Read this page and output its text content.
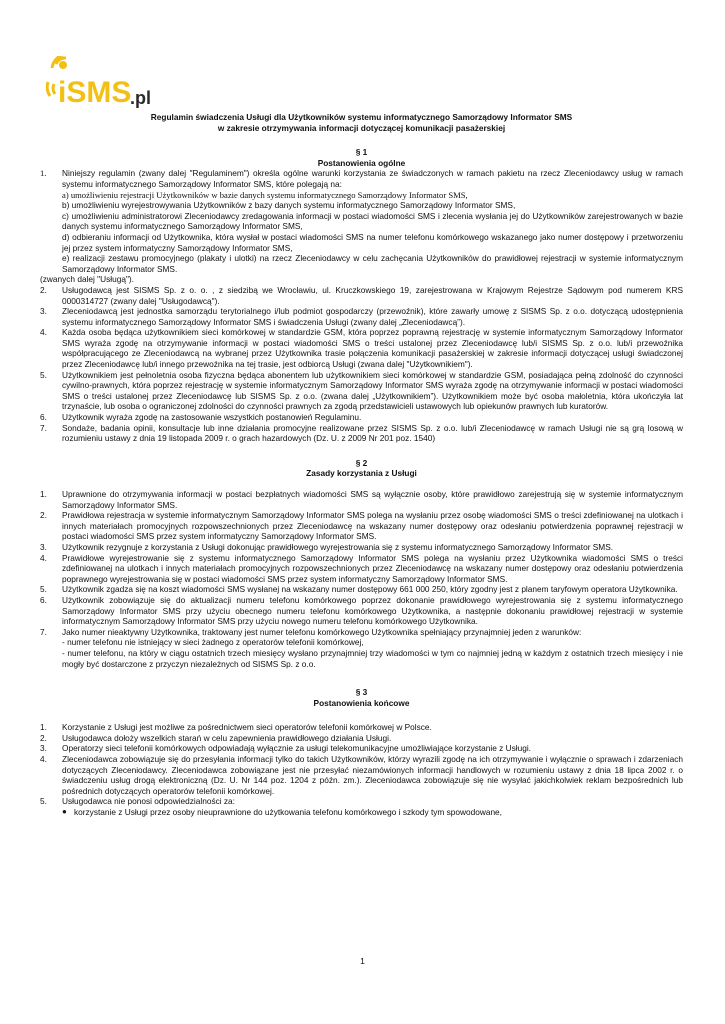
iSMS
.pl

Regulamin świadczenia Usługi dla Użytkowników systemu informatycznego Samorządowy Informator SMS

w zakresie otrzymywania informacji dotyczącej komunikacji pasażerskiej

§ 1

Postanowienia ogólne

1.	Niniejszy regulamin (zwany dalej "Regulaminem") określa ogólne warunki korzystania ze świadczonych w ramach pakietu na rzecz Zleceniodawcy usług w ramach systemu informatycznego Samorządowy Informator SMS, które polegają na:

a) umożliwieniu rejestracji Użytkowników w bazie danych systemu informatycznego Samorządowy Informator SMS,

b) umożliwieniu wyrejestrowywania Użytkowników z bazy danych systemu informatycznego Samorządowy Informator SMS,

c) umożliwieniu administratorowi Zleceniodawcy zredagowania informacji w postaci wiadomości SMS i zlecenia wysłania jej do Użytkowników zarejestrowanych w bazie danych systemu informatycznego Samorządowy Informator SMS,

d) odbieraniu informacji od Użytkownika, która wysłał w postaci wiadomości SMS na numer telefonu komórkowego wskazanego jako numer dostępowy i przetworzeniu jej przez system informatyczny Samorządowy Informator SMS,

e) realizacji zestawu promocyjnego (plakaty i ulotki) na rzecz Zleceniodawcy w celu zachęcania Użytkowników do prawidłowej rejestracji w systemie informatycznym Samorządowy Informator SMS.

(zwanych dalej "Usługą").

2.	Usługodawcą jest SISMS Sp. z o. o. , z siedzibą we Wrocławiu, ul. Kruczkowskiego 19, zarejestrowana w Krajowym Rejestrze Sądowym pod numerem KRS 0000314727 (zwany dalej "Usługodawcą").
3.	Zleceniodawcą jest jednostka samorządu terytorialnego i/lub podmiot gospodarczy (przewoźnik), które zawarły umowę z SISMS Sp. z o.o. dotyczącą udostępnienia systemu informatycznego Samorządowy Informator SMS i świadczenia Usługi (zwany dalej „Zleceniodawcą”).
4.	Każda osoba będąca użytkownikiem sieci komórkowej w standardzie GSM, która poprzez poprawną rejestrację w systemie informatycznym Samorządowy Informator SMS wyraża zgodę na otrzymywanie informacji w postaci wiadomości SMS o treści ustalonej przez Zleceniodawcę lub/i SISMS Sp. z o.o. lub/i przewoźnika współpracującego ze Zleceniodawcą na wybranej przez Użytkownika trasie połączenia komunikacji pasażerskiej w zakresie informacji dotyczącej usługi świadczonej przez Zleceniodawcę lub/i innego przewoźnika na tej trasie, jest odbiorcą Usługi (zwana dalej "Użytkownikiem").
5.	Użytkownikiem jest pełnoletnia osoba fizyczna będąca abonentem lub użytkownikiem sieci komórkowej w standardzie GSM, posiadająca pełną zdolność do czynności cywilno-prawnych, która poprzez rejestrację w systemie informatycznym Samorządowy Informator SMS wyraża zgodę na otrzymywanie informacji w postaci wiadomości SMS o treści ustalonej przez Zleceniodawcę lub SISMS Sp. z o.o. (zwana dalej „Użytkownikiem”). Użytkownikiem może być osoba małoletnia, która ukończyła lat trzynaście, lub osoba o ograniczonej zdolności do czynności prawnych za zgodą przedstawicieli ustawowych lub opiekunów prawnych lub kuratorów.
6.	Użytkownik wyraża zgodę na zastosowanie wszystkich postanowień Regulaminu.
7.	Sondaże, badania opinii, konsultacje lub inne działania promocyjne realizowane przez SISMS Sp. z o.o. lub/i Zleceniodawcę w ramach Usługi nie są grą losową w rozumieniu ustawy z dnia 19 listopada 2009 r. o grach hazardowych (Dz. U. z 2009 Nr 201 poz. 1540)

§ 2

Zasady korzystania z Usługi

1.	Uprawnione do otrzymywania informacji w postaci bezpłatnych wiadomości SMS są wyłącznie osoby, które prawidłowo zarejestrują się w systemie informatycznym Samorządowy Informator SMS.
2.	Prawidłowa rejestracja w systemie informatycznym Samorządowy Informator SMS polega na wysłaniu przez osobę wiadomości SMS o treści zdefiniowanej na ulotkach i innych materiałach promocyjnych rozpowszechnionych przez Zleceniodawcę na wskazany numer dostępowy oraz odesłaniu potwierdzenia poprawnej rejestracji w postaci wiadomości SMS przez system informatyczny Samorządowy Informator SMS.
3.	Użytkownik rezygnuje z korzystania z Usługi dokonując prawidłowego wyrejestrowania się z systemu informatycznego Samorządowy Informator SMS.
4.	Prawidłowe wyrejestrowanie się z systemu informatycznego Samorządowy Informator SMS polega na wysłaniu przez Użytkownika wiadomości SMS o treści zdefiniowanej na ulotkach i innych materiałach promocyjnych rozpowszechnionych przez Zleceniodawcę na wskazany numer dostępowy oraz odesłaniu potwierdzenia poprawnego wyrejestrowania się w postaci wiadomości SMS przez system informatyczny Samorządowy Informator SMS.
5.	Użytkownik zgadza się na koszt wiadomości SMS wysłanej na wskazany numer dostępowy 661 000 250, który zgodny jest z planem taryfowym operatora Użytkownika.
6.	Użytkownik zobowiązuje się do aktualizacji numeru telefonu komórkowego poprzez dokonanie prawidłowego wyrejestrowania się z systemu informatycznego Samorządowy Informator SMS przy użyciu obecnego numeru telefonu komórkowego Użytkownika, a następnie dokonaniu prawidłowej rejestracji w systemie informatycznym Samorządowy Informator SMS przy użyciu nowego numeru telefonu komórkowego Użytkownika.
7.	Jako numer nieaktywny Użytkownika, traktowany jest numer telefonu komórkowego Użytkownika spełniający przynajmniej jeden z warunków:

- numer telefonu nie istniejący w sieci żadnego z operatorów telefonii komórkowej,

- numer telefonu, na który w ciągu ostatnich trzech miesięcy wysłano przynajmniej trzy wiadomości w tym co najmniej jedną w każdym z ostatnich trzech miesięcy i nie mogły być dostarczone z przyczyn niezależnych od SISMS Sp. z o.o.

§ 3

Postanowienia końcowe

1.	Korzystanie z Usługi jest możliwe za pośrednictwem sieci operatorów telefonii komórkowej w Polsce.
2.	Usługodawca dołoży wszelkich starań w celu zapewnienia prawidłowego działania Usługi.
3.	Operatorzy sieci telefonii komórkowych odpowiadają wyłącznie za usługi telekomunikacyjne umożliwiające korzystanie z Usługi.
4.	Zleceniodawca zobowiązuje się do przesyłania informacji tylko do takich Użytkowników, którzy wyrazili zgodę na ich otrzymywanie i wyłącznie o sprawach i zdarzeniach dotyczących Zleceniodawcy. Zleceniodawca zobowiązane jest nie przesyłać niezamówionych informacji handlowych w rozumieniu ustawy z dnia 18 lipca 2002 r. o świadczeniu usług drogą elektroniczną (Dz. U. Nr 144 poz. 1204 z późn. zm.). Zleceniodawca zobowiązuje się nie wysyłać jakichkolwiek reklam bezpośrednich lub pośrednich dotyczących operatorów telefonii komórkowej.
5.	Usługodawca nie ponosi odpowiedzialności za:
● korzystanie z Usługi przez osoby nieuprawnione do użytkowania telefonu komórkowego i szkody tym spowodowane,
1
